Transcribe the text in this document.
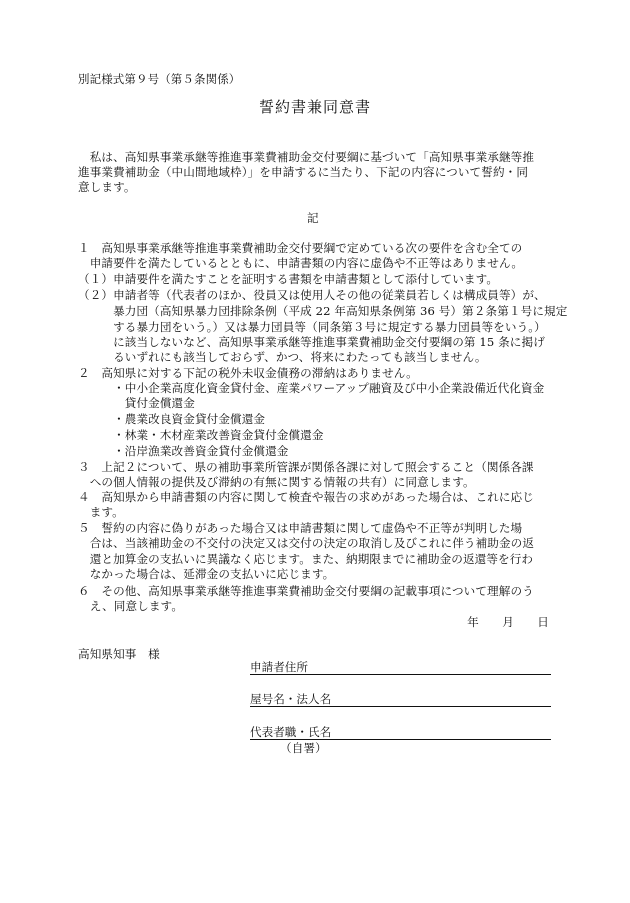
別記様式第９号（第５条関係）
誓約書兼同意書
　私は、高知県事業承継等推進事業費補助金交付要綱に基づいて「高知県事業承継等推
進事業費補助金（中山間地域枠）」を申請するに当たり、下記の内容について誓約・同
意します。
記
１　高知県事業承継等推進事業費補助金交付要綱で定めている次の要件を含む全ての
　申請要件を満たしているとともに、申請書類の内容に虚偽や不正等はありません。
（１）申請要件を満たすことを証明する書類を申請書類として添付しています。
（２）申請者等（代表者のほか、役員又は使用人その他の従業員若しくは構成員等）が、
　　　暴力団（高知県暴力団排除条例（平成 22 年高知県条例第 36 号）第２条第１号に規定
　　　する暴力団をいう。）又は暴力団員等（同条第３号に規定する暴力団員等をいう。）
　　　に該当しないなど、高知県事業承継等推進事業費補助金交付要綱の第 15 条に掲げ
　　　るいずれにも該当しておらず、かつ、将来にわたっても該当しません。
２　高知県に対する下記の税外未収金債務の滞納はありません。
　　　・中小企業高度化資金貸付金、産業パワーアップ融資及び中小企業設備近代化資金
　　　　貸付金償還金
　　　・農業改良資金貸付金償還金
　　　・林業・木材産業改善資金貸付金償還金
　　　・沿岸漁業改善資金貸付金償還金
３　上記２について、県の補助事業所管課が関係各課に対して照会すること（関係各課
　への個人情報の提供及び滞納の有無に関する情報の共有）に同意します。
４　高知県から申請書類の内容に関して検査や報告の求めがあった場合は、これに応じ
　ます。
５　誓約の内容に偽りがあった場合又は申請書類に関して虚偽や不正等が判明した場
　合は、当該補助金の不交付の決定又は交付の決定の取消し及びこれに伴う補助金の返
　還と加算金の支払いに異議なく応じます。また、納期限までに補助金の返還等を行わ
　なかった場合は、延滞金の支払いに応じます。
６　その他、高知県事業承継等推進事業費補助金交付要綱の記載事項について理解のう
　え、同意します。
年　　月　　日
高知県知事　様
申請者住所
屋号名・法人名
代表者職・氏名
（自署）
